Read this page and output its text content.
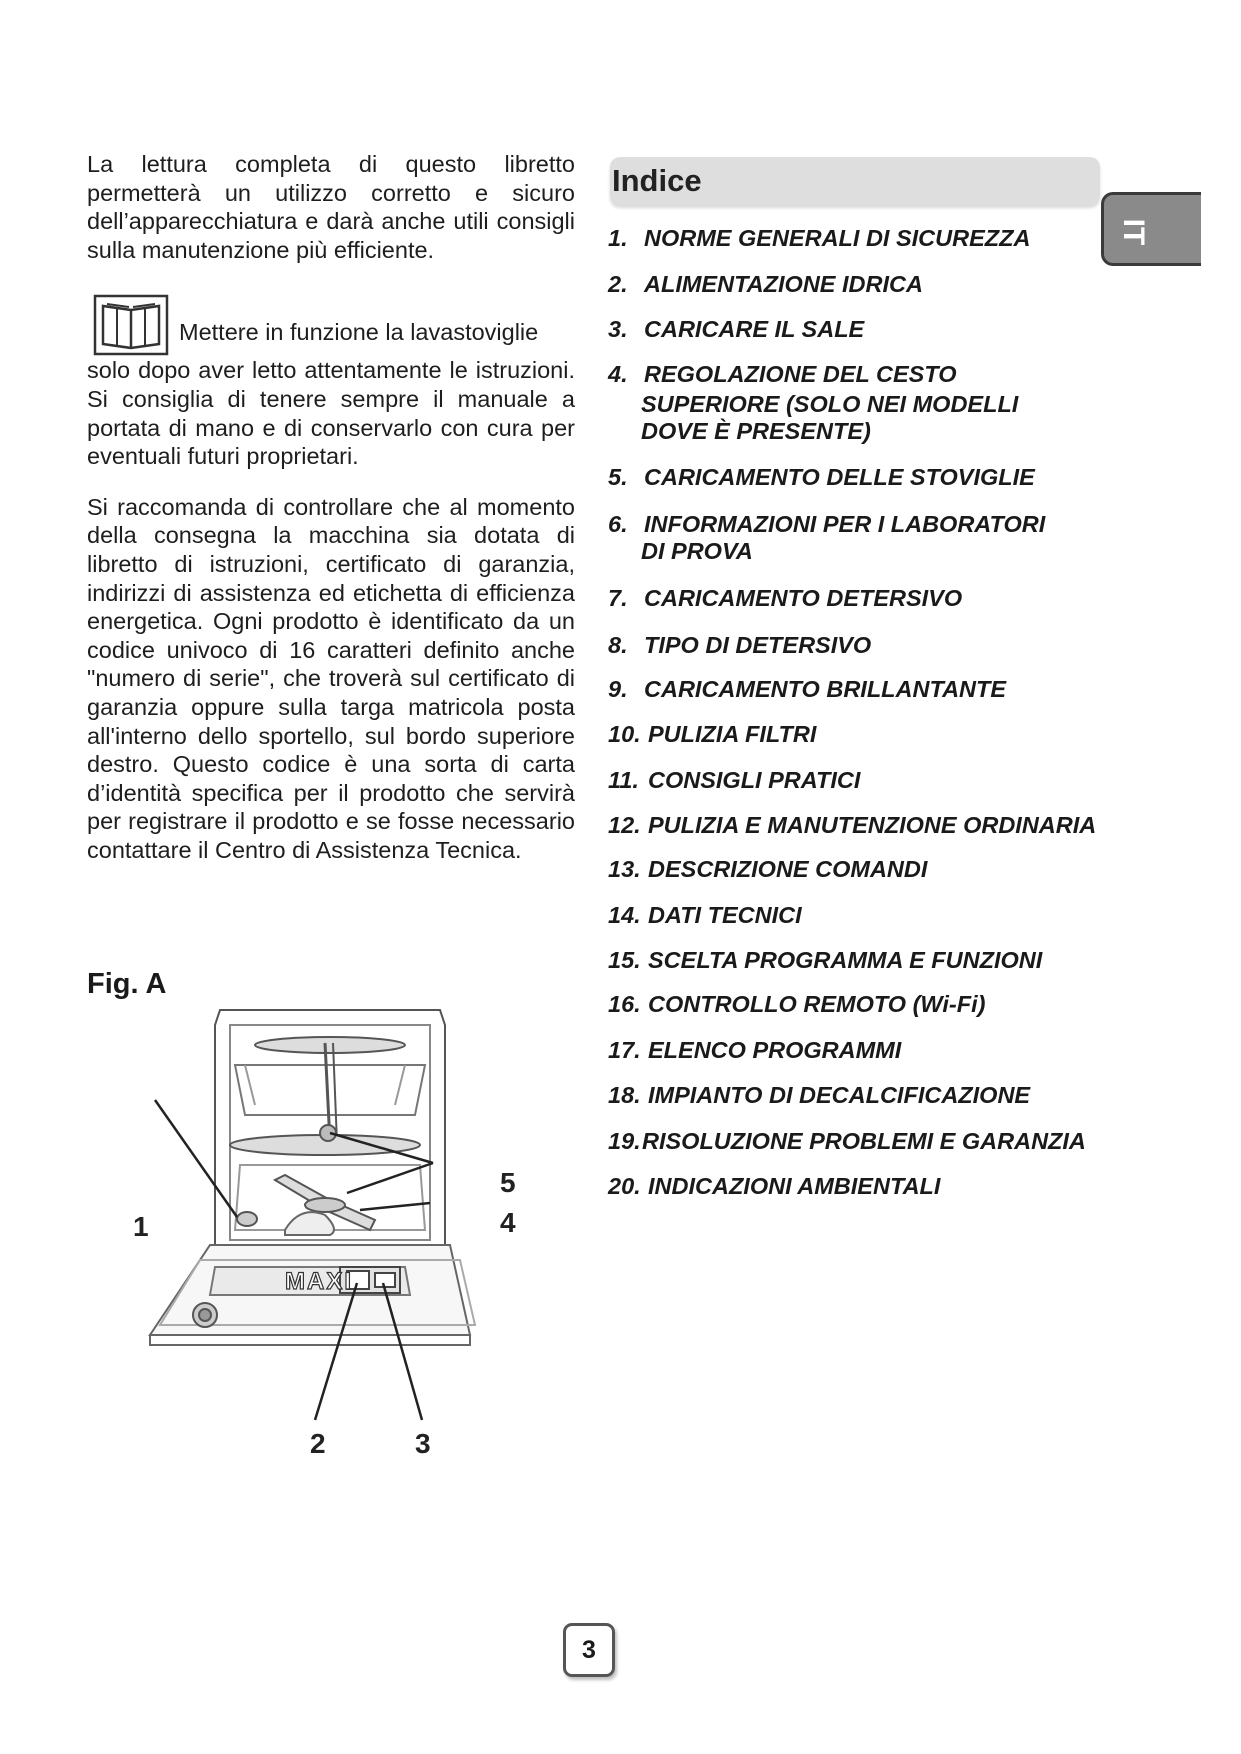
La lettura completa di questo libretto permetterà un utilizzo corretto e sicuro dell’apparecchiatura e darà anche utili consigli sulla manutenzione più efficiente.

Mettere in funzione la lavastoviglie
solo dopo aver letto attentamente le istruzioni. Si consiglia di tenere sempre il manuale a portata di mano e di conservarlo con cura per eventuali futuri proprietari.

Si raccomanda di controllare che al momento della consegna la macchina sia dotata di libretto di istruzioni, certificato di garanzia, indirizzi di assistenza ed etichetta di efficienza energetica. Ogni prodotto è identificato da un codice univoco di 16 caratteri definito anche "numero di serie", che troverà sul certificato di garanzia oppure sulla targa matricola posta all'interno dello sportello, sul bordo superiore destro. Questo codice è una sorta di carta d’identità specifica per il prodotto che servirà per registrare il prodotto e se fosse necessario contattare il Centro di Assistenza Tecnica.

Fig. A
MAXI
1
2	3
4
5
Indice
IT
1. NORME GENERALI DI SICUREZZA
2. ALIMENTAZIONE IDRICA
3. CARICARE IL SALE
4. REGOLAZIONE DEL CESTO
SUPERIORE (SOLO NEI MODELLI
DOVE È PRESENTE)
5. CARICAMENTO DELLE STOVIGLIE
6. INFORMAZIONI PER I LABORATORI
DI PROVA
7. CARICAMENTO DETERSIVO
8. TIPO DI DETERSIVO
9. CARICAMENTO BRILLANTANTE
10. PULIZIA FILTRI
11. CONSIGLI PRATICI
12. PULIZIA E MANUTENZIONE ORDINARIA
13. DESCRIZIONE COMANDI
14. DATI TECNICI
15. SCELTA PROGRAMMA E FUNZIONI
16. CONTROLLO REMOTO (Wi-Fi)
17. ELENCO PROGRAMMI
18. IMPIANTO DI DECALCIFICAZIONE
19.RISOLUZIONE PROBLEMI E GARANZIA
20. INDICAZIONI AMBIENTALI
3
